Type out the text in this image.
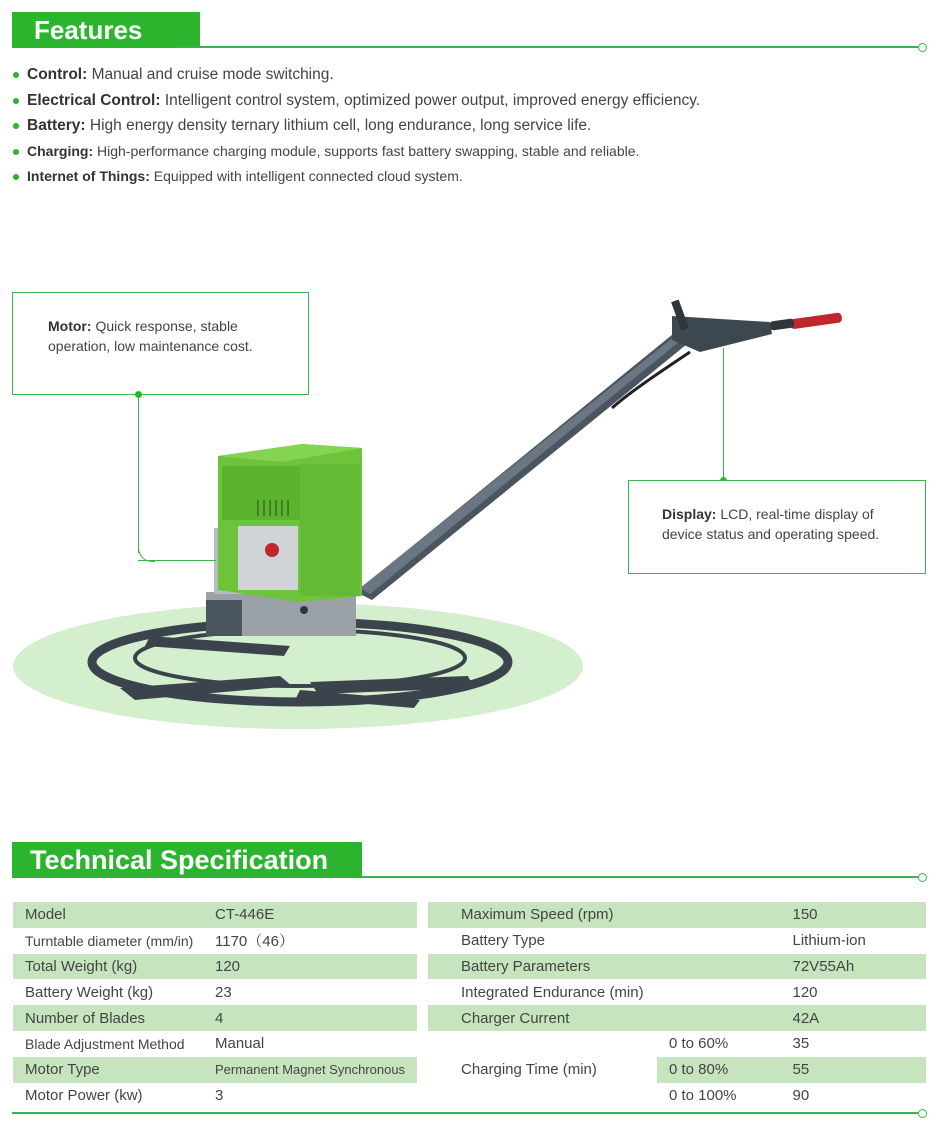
Features
Control: Manual and cruise mode switching.
Electrical Control: Intelligent control system, optimized power output, improved energy efficiency.
Battery: High energy density ternary lithium cell, long endurance, long service life.
Charging: High-performance charging module, supports fast battery swapping, stable and reliable.
Internet of Things: Equipped with intelligent connected cloud system.
Motor: Quick response, stable operation, low maintenance cost.
Display: LCD, real-time display of device status and operating speed.
Technical Specification
Model	CT-446E
Turntable diameter (mm/in)	1170（46）
Total Weight (kg)	120
Battery Weight (kg)	23
Number of Blades	4
Blade Adjustment Method	Manual
Motor Type	Permanent Magnet Synchronous
Motor Power (kw)	3
Maximum Speed (rpm)		150
Battery Type		Lithium-ion
Battery Parameters		72V55Ah
Integrated Endurance (min)		120
Charger Current		42A
Charging Time (min)	0 to 60%	35
	0 to 80%	55
	0 to 100%	90
